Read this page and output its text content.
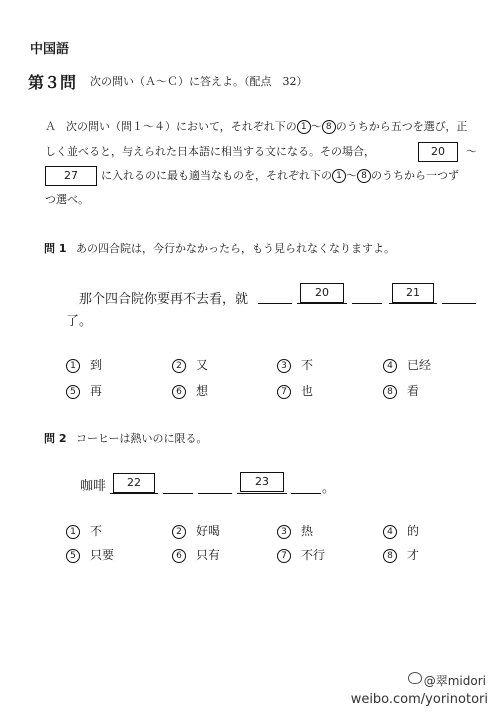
中国語
第３問 次の問い（Ａ～Ｃ）に答えよ。（配点　32）
Ａ 次の問い（問１～４）において，それぞれ下の 1 ～ 8 のうちから五つを選び，正
しく並べると，与えられた日本語に相当する文になる。その場合，	20	～
27	に入れるのに最も適当なものを，それぞれ下の 1 ～ 8 のうちから一つず
つ選べ。
問 1 あの四合院は，今行かなかったら，もう見られなくなりますよ。
那个四合院你要再不去看，就	20	21
了。
1 到	2 又	3 不	4 已经
5 再	6 想	7 也	8 看
問 2 コーヒーは熱いのに限る。
咖啡	22	23	。
1 不	2 好喝	3 热	4 的
5 只要	6 只有	7 不行	8 才
@翠midori
weibo.com/yorinotori
